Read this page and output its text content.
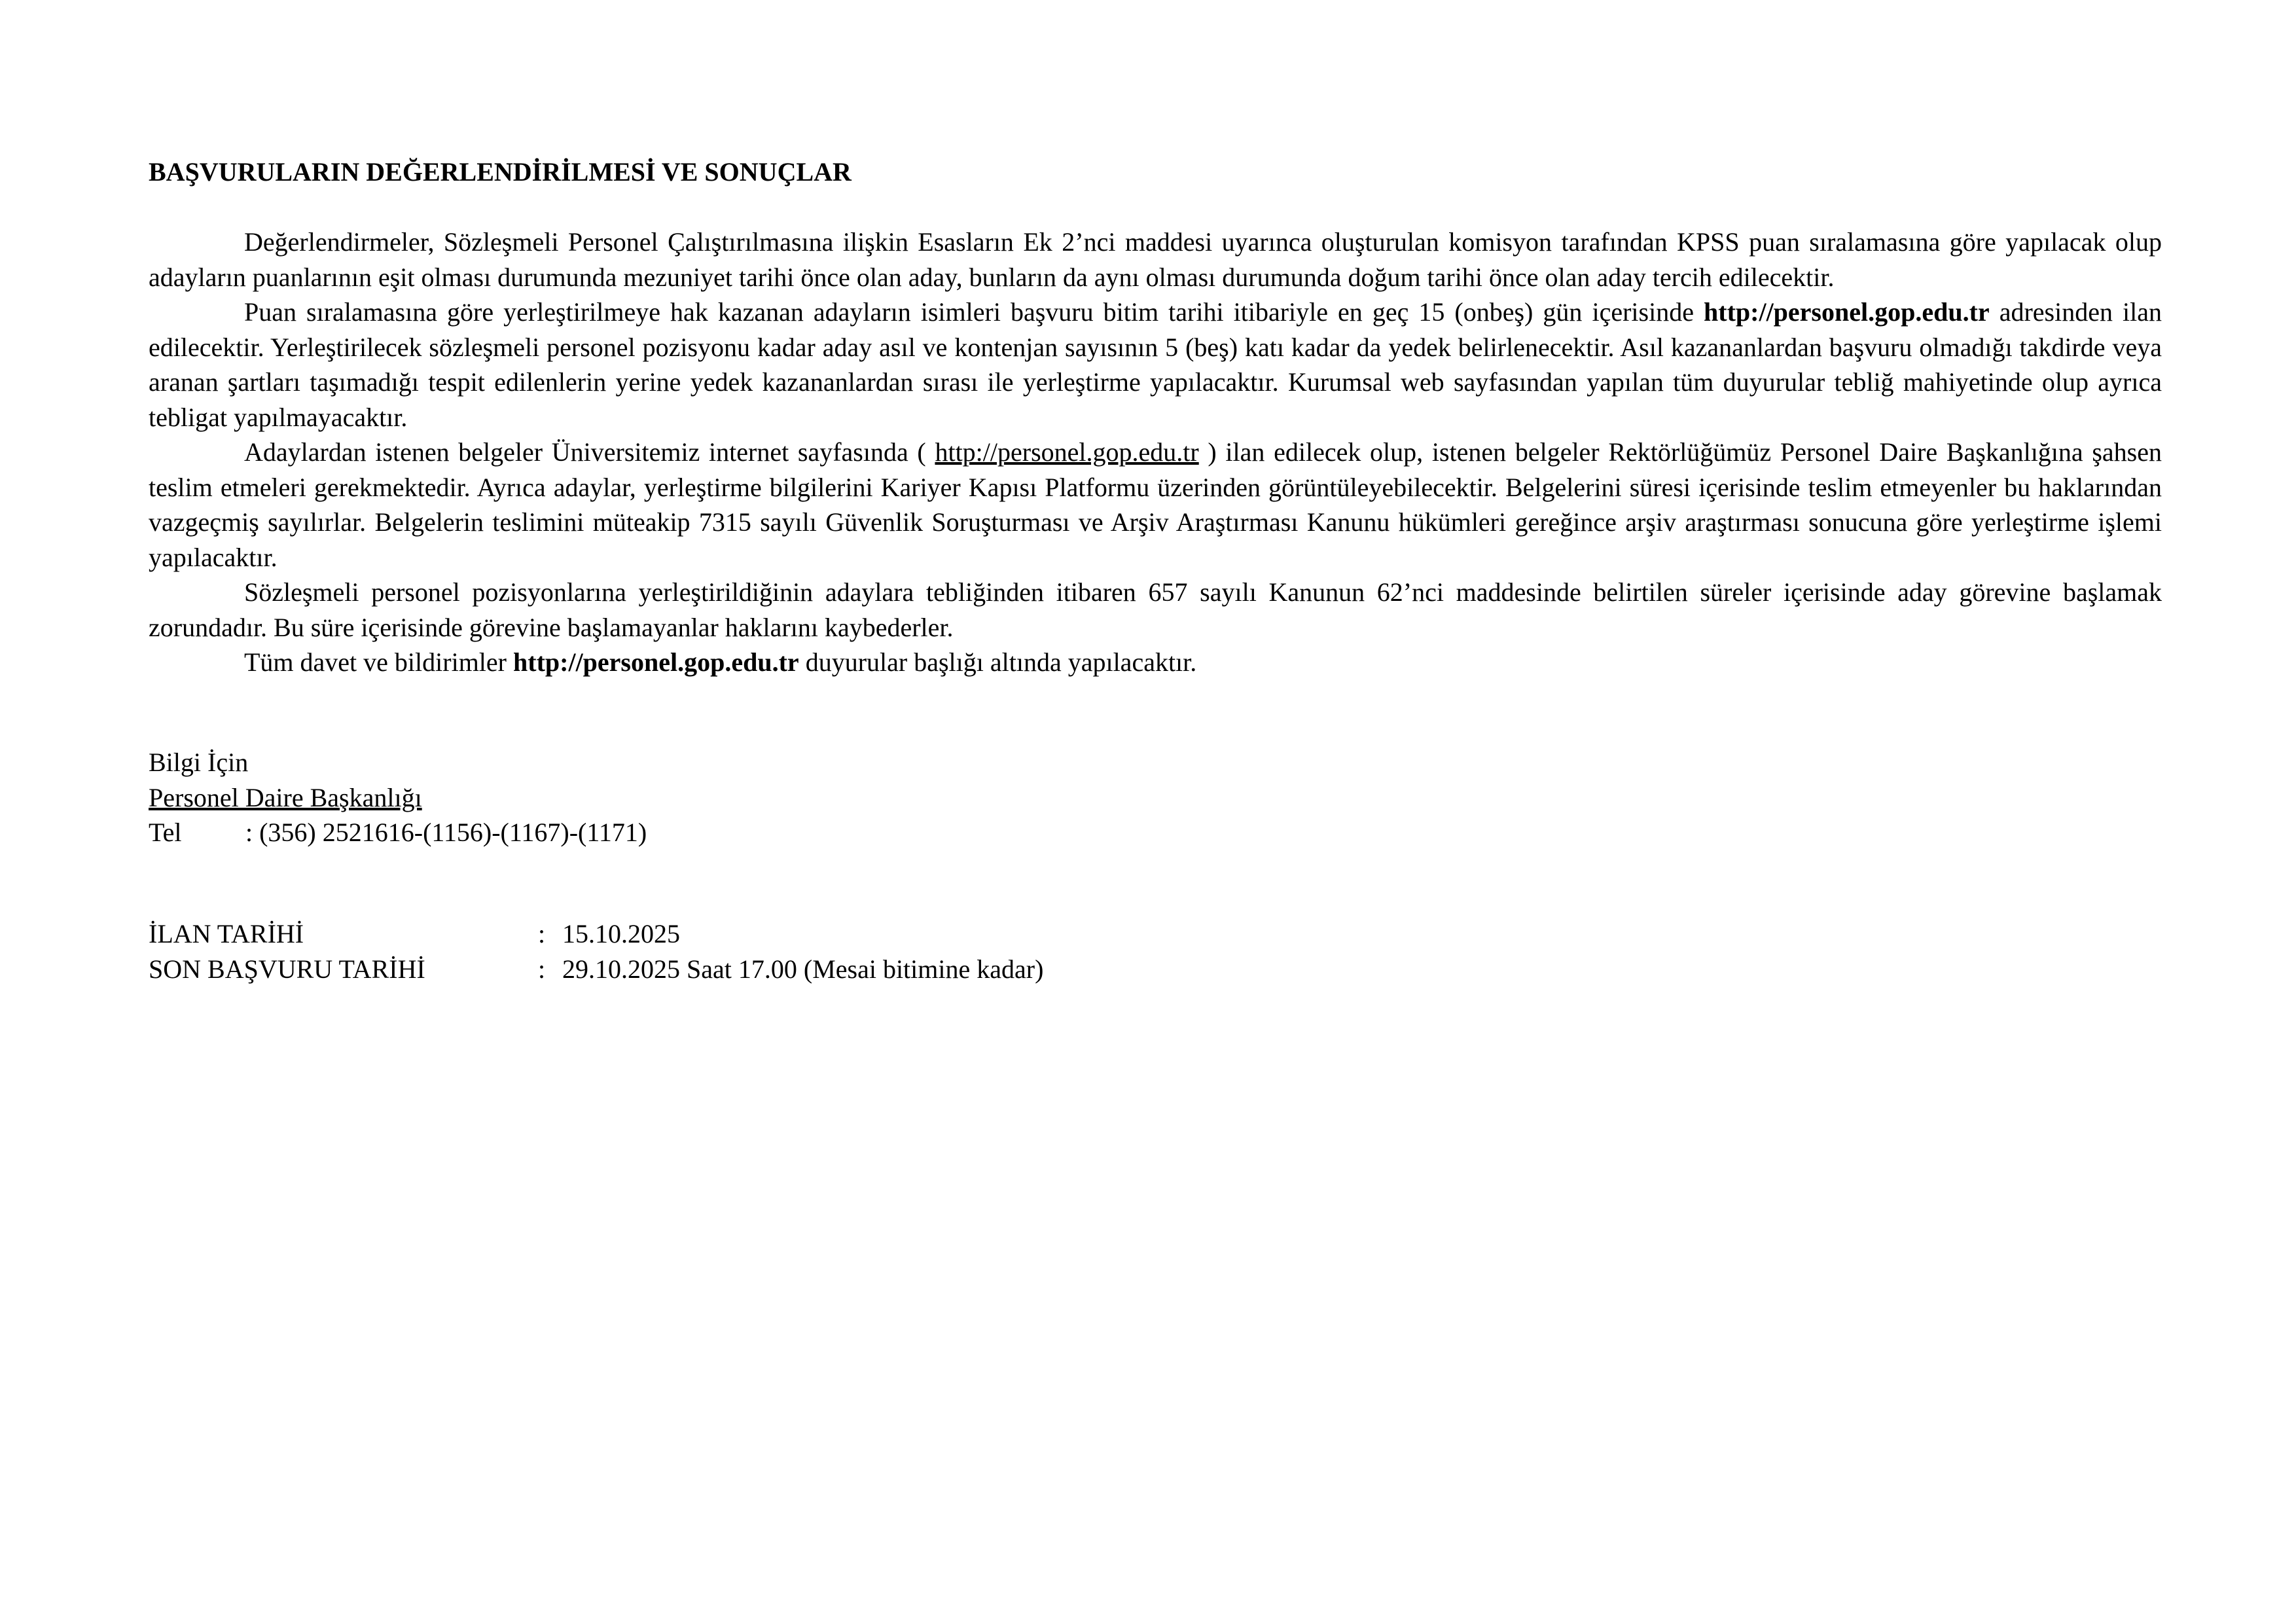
BAŞVURULARIN DEĞERLENDİRİLMESİ VE SONUÇLAR

Değerlendirmeler, Sözleşmeli Personel Çalıştırılmasına ilişkin Esasların Ek 2’nci maddesi uyarınca oluşturulan komisyon tarafından KPSS puan sıralamasına göre yapılacak olup adayların puanlarının eşit olması durumunda mezuniyet tarihi önce olan aday, bunların da aynı olması durumunda doğum tarihi önce olan aday tercih edilecektir.

Puan sıralamasına göre yerleştirilmeye hak kazanan adayların isimleri başvuru bitim tarihi itibariyle en geç 15 (onbeş) gün içerisinde http://personel.gop.edu.tr adresinden ilan edilecektir. Yerleştirilecek sözleşmeli personel pozisyonu kadar aday asıl ve kontenjan sayısının 5 (beş) katı kadar da yedek belirlenecektir. Asıl kazananlardan başvuru olmadığı takdirde veya aranan şartları taşımadığı tespit edilenlerin yerine yedek kazananlardan sırası ile yerleştirme yapılacaktır. Kurumsal web sayfasından yapılan tüm duyurular tebliğ mahiyetinde olup ayrıca tebligat yapılmayacaktır.

Adaylardan istenen belgeler Üniversitemiz internet sayfasında ( http://personel.gop.edu.tr ) ilan edilecek olup, istenen belgeler Rektörlüğümüz Personel Daire Başkanlığına şahsen teslim etmeleri gerekmektedir. Ayrıca adaylar, yerleştirme bilgilerini Kariyer Kapısı Platformu üzerinden görüntüleyebilecektir. Belgelerini süresi içerisinde teslim etmeyenler bu haklarından vazgeçmiş sayılırlar. Belgelerin teslimini müteakip 7315 sayılı Güvenlik Soruşturması ve Arşiv Araştırması Kanunu hükümleri gereğince arşiv araştırması sonucuna göre yerleştirme işlemi yapılacaktır.

Sözleşmeli personel pozisyonlarına yerleştirildiğinin adaylara tebliğinden itibaren 657 sayılı Kanunun 62’nci maddesinde belirtilen süreler içerisinde aday görevine başlamak zorundadır. Bu süre içerisinde görevine başlamayanlar haklarını kaybederler.

Tüm davet ve bildirimler http://personel.gop.edu.tr duyurular başlığı altında yapılacaktır.

Bilgi İçin
Personel Daire Başkanlığı
Tel : (356) 2521616-(1156)-(1167)-(1171)
İLAN TARİHİ	: 15.10.2025
SON BAŞVURU TARİHİ	: 29.10.2025 Saat 17.00 (Mesai bitimine kadar)
